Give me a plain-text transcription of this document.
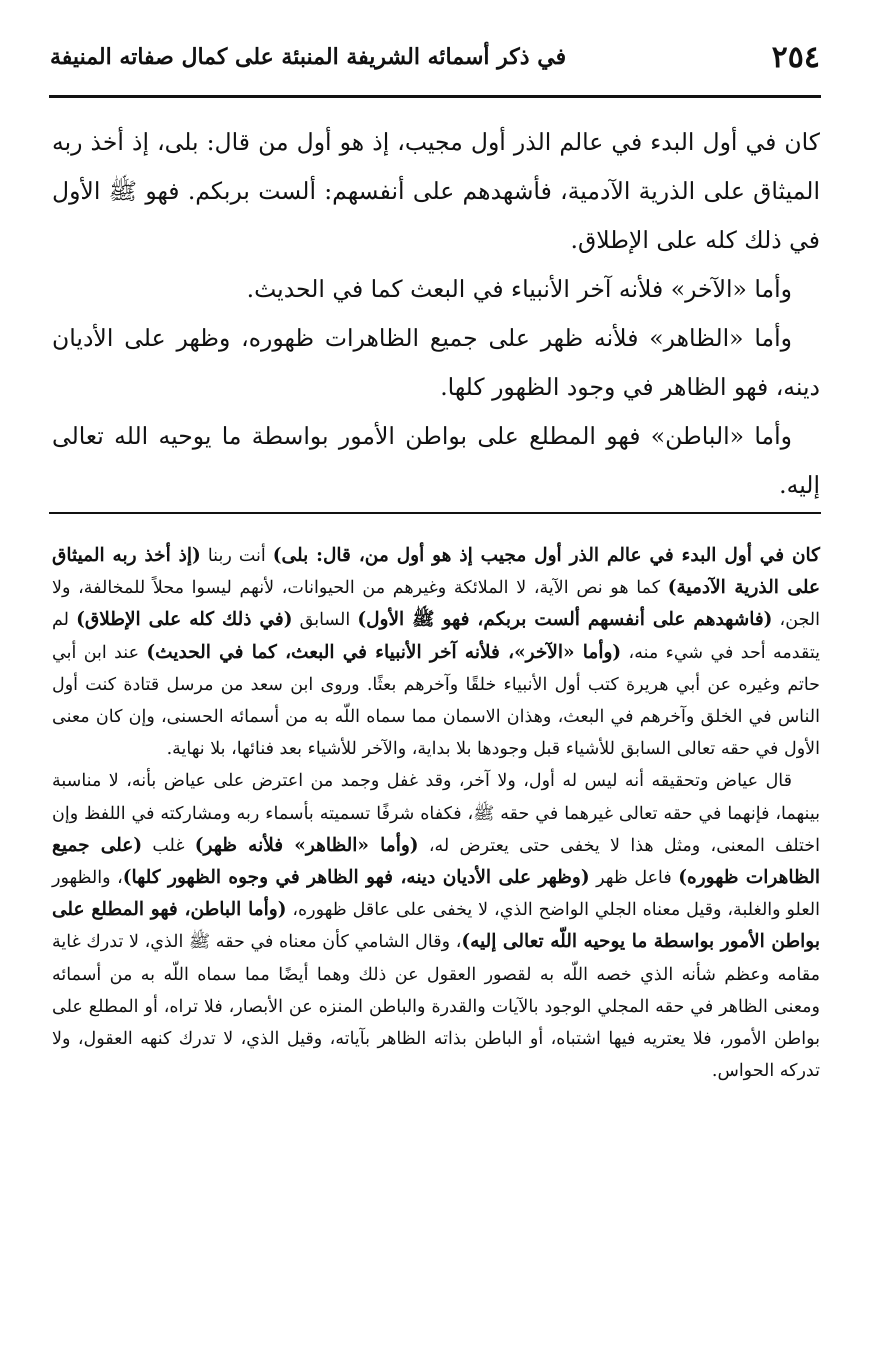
٢٥٤
في ذكر أسمائه الشريفة المنبئة على كمال صفاته المنيفة

كان في أول البدء في عالم الذر أول مجيب، إذ هو أول من قال: بلى، إذ أخذ ربه الميثاق على الذرية الآدمية، فأشهدهم على أنفسهم: ألست بربكم. فهو ﷺ الأول في ذلك كله على الإطلاق.

وأما «الآخر» فلأنه آخر الأنبياء في البعث كما في الحديث.

وأما «الظاهر» فلأنه ظهر على جميع الظاهرات ظهوره، وظهر على الأديان دينه، فهو الظاهر في وجود الظهور كلها.

وأما «الباطن» فهو المطلع على بواطن الأمور بواسطة ما يوحيه الله تعالى إليه.

كان في أول البدء في عالم الذر أول مجيب إذ هو أول من، قال: بلى) أنت ربنا (إذ أخذ ربه الميثاق على الذرية الآدمية) كما هو نص الآية، لا الملائكة وغيرهم من الحيوانات، لأنهم ليسوا محلاً للمخالفة، ولا الجن، (فاشهدهم على أنفسهم ألست بربكم، فهو ﷺ الأول) السابق (في ذلك كله على الإطلاق) لم يتقدمه أحد في شيء منه، (وأما «الآخر»، فلأنه آخر الأنبياء في البعث، كما في الحديث) عند ابن أبي حاتم وغيره عن أبي هريرة كتب أول الأنبياء خلقًا وآخرهم بعثًا. وروى ابن سعد من مرسل قتادة كنت أول الناس في الخلق وآخرهم في البعث، وهذان الاسمان مما سماه اللّه به من أسمائه الحسنى، وإن كان معنى الأول في حقه تعالى السابق للأشياء قبل وجودها بلا بداية، والآخر للأشياء بعد فنائها، بلا نهاية.

قال عياض وتحقيقه أنه ليس له أول، ولا آخر، وقد غفل وجمد من اعترض على عياض بأنه، لا مناسبة بينهما، فإنهما في حقه تعالى غيرهما في حقه ﷺ، فكفاه شرفًا تسميته بأسماء ربه ومشاركته في اللفظ وإن اختلف المعنى، ومثل هذا لا يخفى حتى يعترض له، (وأما «الظاهر» فلأنه ظهر) غلب (على جميع الظاهرات ظهوره) فاعل ظهر (وظهر على الأديان دينه، فهو الظاهر في وجوه الظهور كلها)، والظهور العلو والغلبة، وقيل معناه الجلي الواضح الذي، لا يخفى على عاقل ظهوره، (وأما الباطن، فهو المطلع على بواطن الأمور بواسطة ما يوحيه اللّه تعالى إليه)، وقال الشامي كأن معناه في حقه ﷺ الذي، لا تدرك غاية مقامه وعظم شأنه الذي خصه اللّه به لقصور العقول عن ذلك وهما أيضًا مما سماه اللّه به من أسمائه ومعنى الظاهر في حقه المجلي الوجود بالآيات والقدرة والباطن المنزه عن الأبصار، فلا تراه، أو المطلع على بواطن الأمور، فلا يعتريه فيها اشتباه، أو الباطن بذاته الظاهر بآياته، وقيل الذي، لا تدرك كنهه العقول، ولا تدركه الحواس.
